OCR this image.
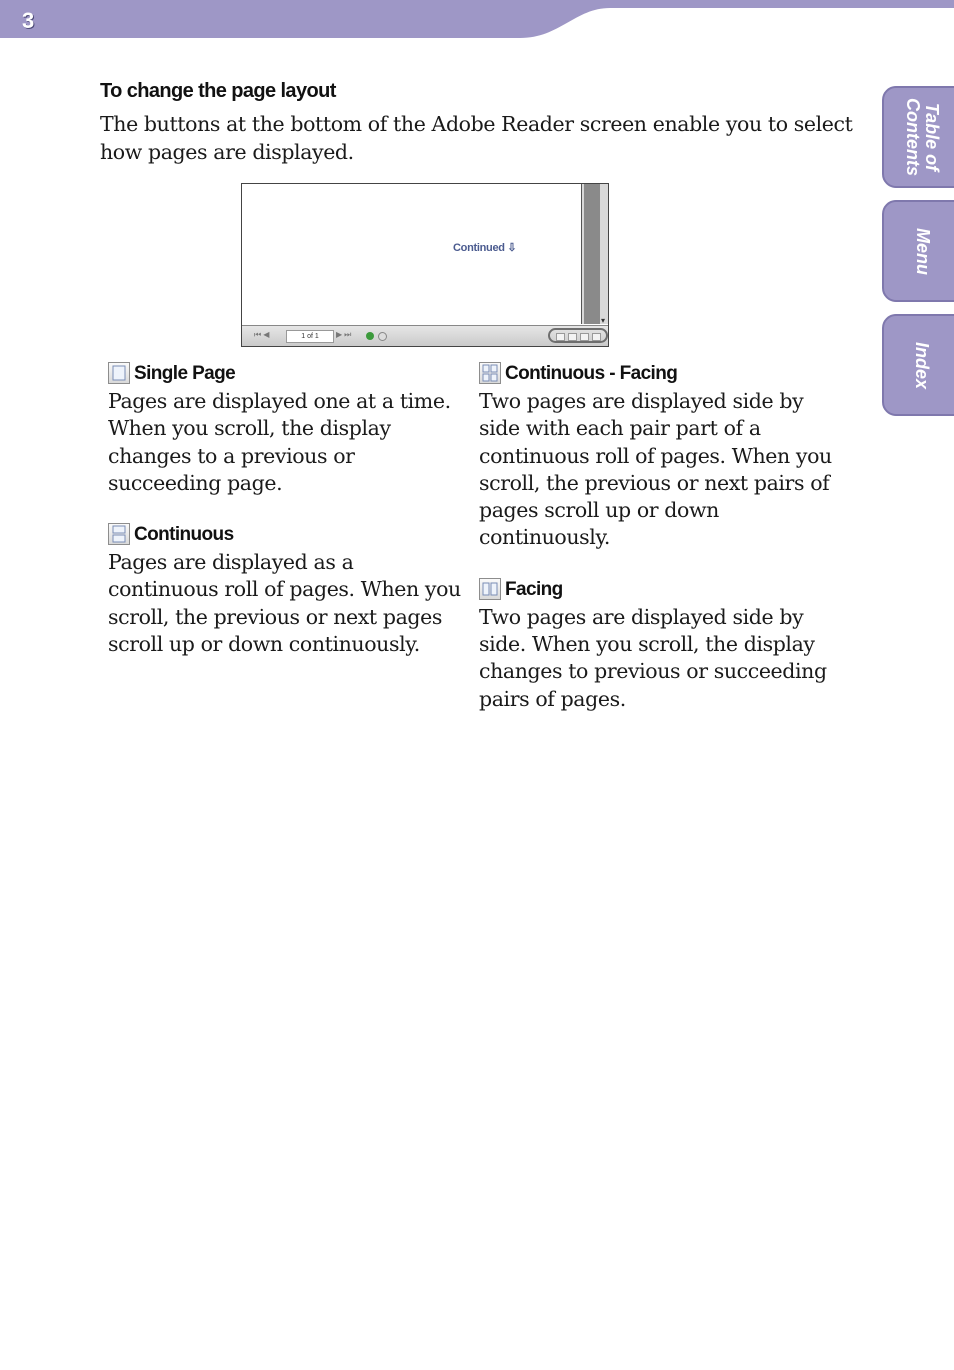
3
To change the page layout

The buttons at the bottom of the Adobe Reader screen enable you to select how pages are displayed.

Continued ⇩
▾
⏮◀	1 of 1	▶⏭
Single Page

Pages are displayed one at a time. When you scroll, the display changes to a previous or succeeding page.

Continuous

Pages are displayed as a continuous roll of pages. When you scroll, the previous or next pages scroll up or down continuously.

Continuous - Facing

Two pages are displayed side by side with each pair part of a continuous roll of pages. When you scroll, the previous or next pairs of pages scroll up or down continuously.

Facing

Two pages are displayed side by side. When you scroll, the display changes to previous or succeeding pairs of pages.

Table of
Contents
Menu
Index
